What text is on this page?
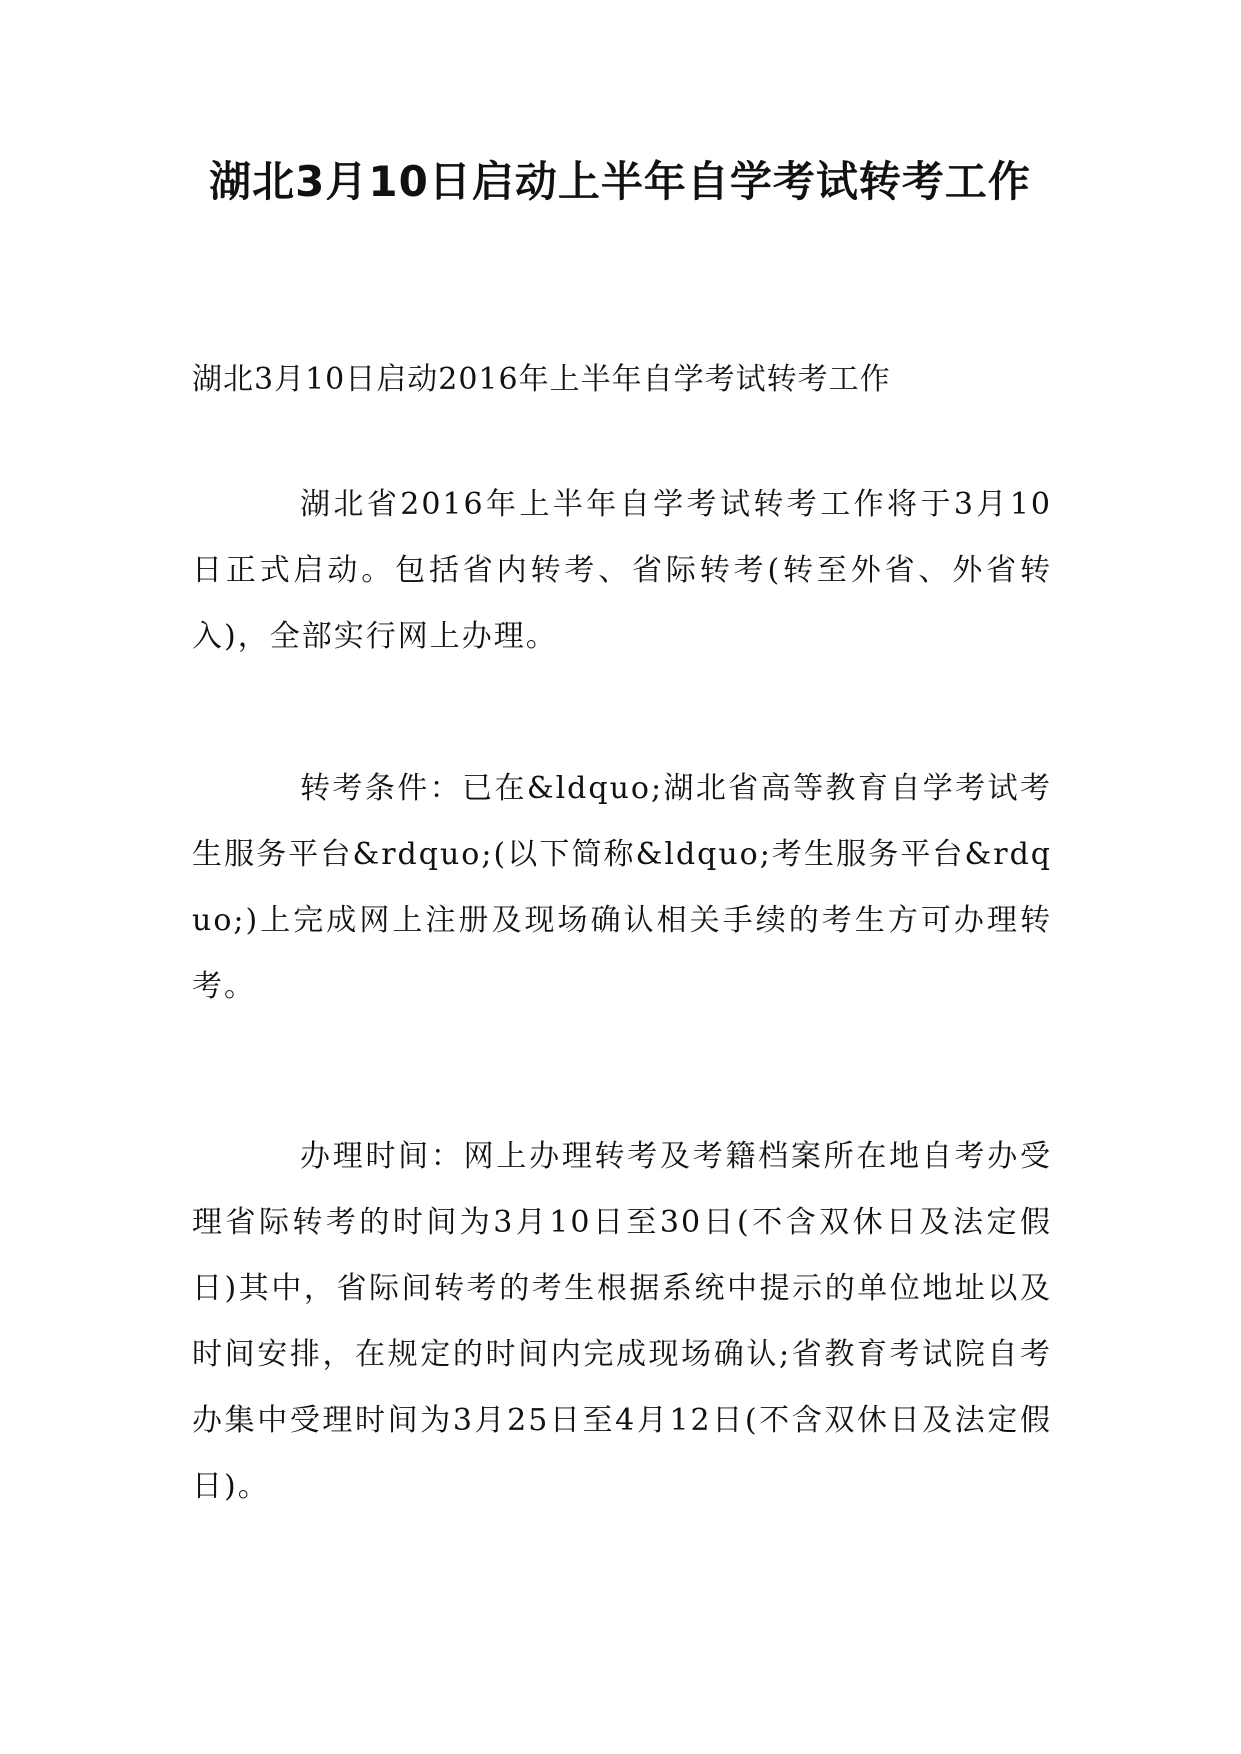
湖北3月10日启动上半年自学考试转考工作

湖北3月10日启动2016年上半年自学考试转考工作

湖北省2016年上半年自学考试转考工作将于3月10日正式启动。包括省内转考、省际转考(转至外省、外省转入)，全部实行网上办理。

转考条件：已在&ldquo;湖北省高等教育自学考试考生服务平台&rdquo;(以下简称&ldquo;考生服务平台&rdquo;)上完成网上注册及现场确认相关手续的考生方可办理转考。

办理时间：网上办理转考及考籍档案所在地自考办受理省际转考的时间为3月10日至30日(不含双休日及法定假日)其中，省际间转考的考生根据系统中提示的单位地址以及时间安排，在规定的时间内完成现场确认;省教育考试院自考办集中受理时间为3月25日至4月12日(不含双休日及法定假日)。
